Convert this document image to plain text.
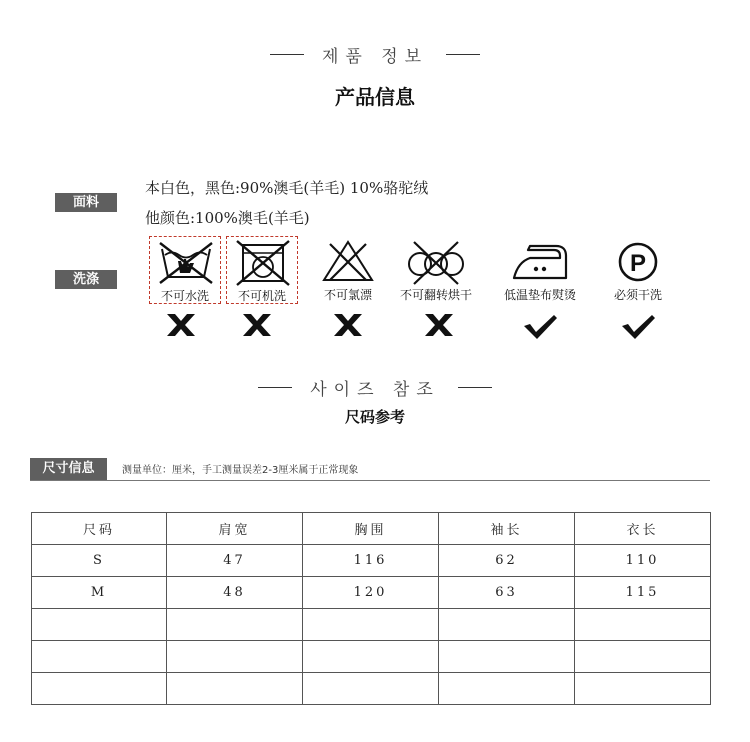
제품 정보
产品信息
面料
本白色，黑色:90%澳毛(羊毛) 10%骆驼绒
他颜色:100%澳毛(羊毛)
洗涤
不可水洗	不可机洗	不可氯漂	不可翻转烘干	低温垫布熨烫
P
必须干洗
사이즈 참조
尺码参考
尺寸信息	测量单位：厘米，手工测量误差2-3厘米属于正常现象
尺码	肩宽	胸围	袖长	衣长
S	47	116	62	110
M	48	120	63	115
